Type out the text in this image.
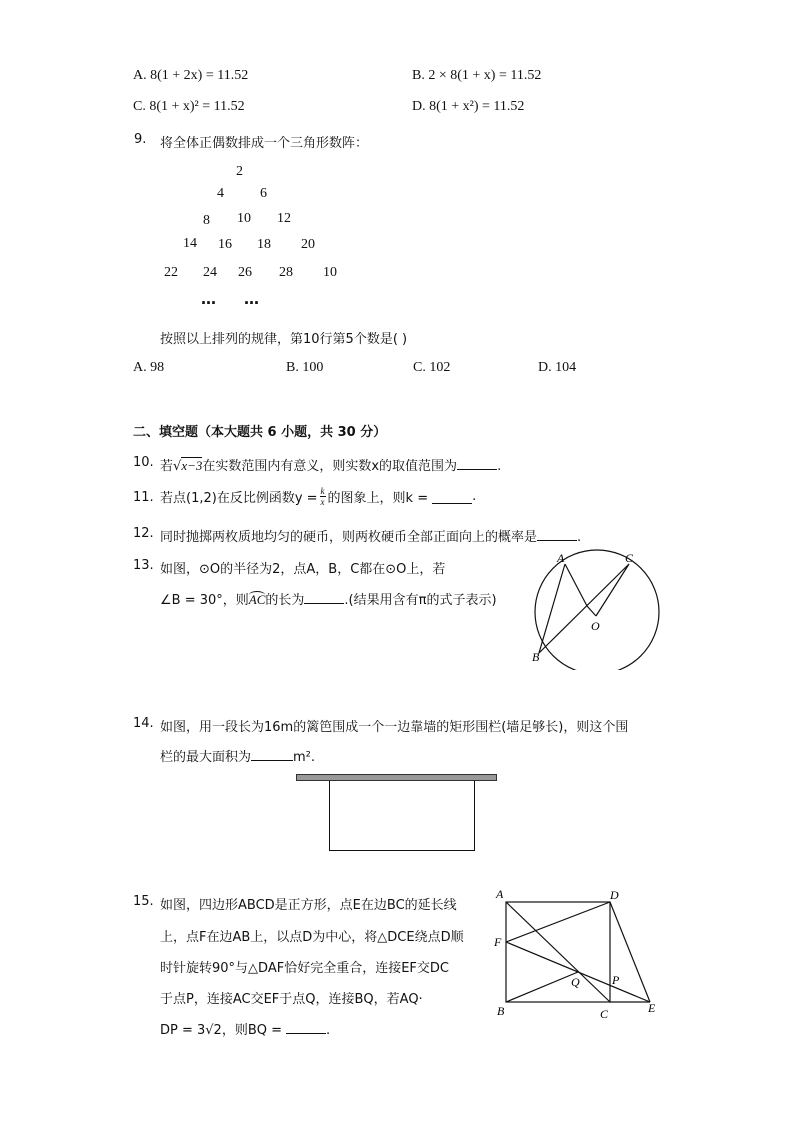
A. 8(1 + 2x) = 11.52	B. 2 × 8(1 + x) = 11.52
C. 8(1 + x)² = 11.52	D. 8(1 + x²) = 11.52
9. 将全体正偶数排成一个三角形数阵：
2
4	6
8 10 12
14 16 18 20
22 24 26 28 10
… …
按照以上排列的规律，第10行第5个数是( )
A. 98	B. 100	C. 102	D. 104
二、填空题（本大题共 6 小题，共 30 分）
10. 若√x−3在实数范围内有意义，则实数x的取值范围为	.
11. 若点(1,2)在反比例函数$y = \frac{k}{x}$ 的图象上，则k =	.
12. 同时抛掷两枚质地均匀的硬币，则两枚硬币全部正面向上的概率是	.
13. 如图，⊙O的半径为2，点A，B，C都在⊙O上，若
∠B = 30°，则AC的长为	.(结果用含有π的式子表示)
A
B
C
O
14. 如图，用一段长为16m的篱笆围成一个一边靠墙的矩形围栏(墙足够长)，则这个围
栏的最大面积为	m².
15. 如图，四边形ABCD是正方形，点E在边BC的延长线
上，点F在边AB上，以点D为中心，将△DCE绕点D顺
时针旋转90°与△DAF恰好完全重合，连接EF交DC
于点P，连接AC交EF于点Q，连接BQ，若AQ·
DP = 3√2，则BQ =	.
A
B	C
D
E
F
P
Q
